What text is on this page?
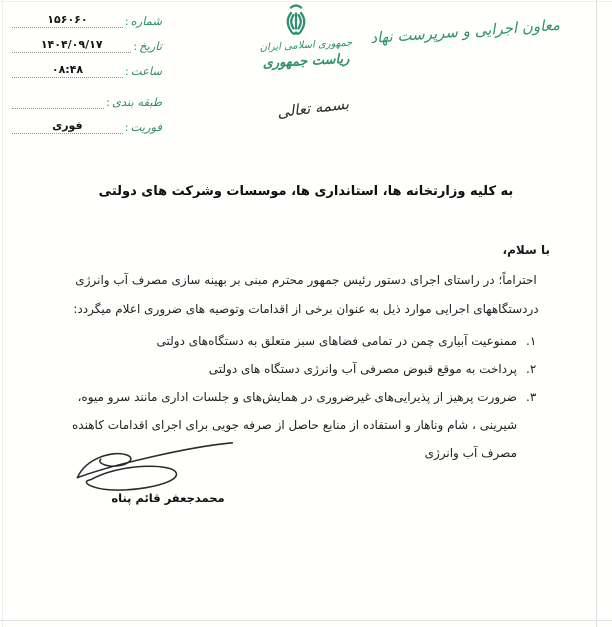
معاون اجرایی و سرپرست نهاد
جمهوری اسلامی ایران
ریاست جمهوری
بسمه تعالی
۱۵۶۰۶۰	: شماره
۱۴۰۴/۰۹/۱۷	: تاریخ
۰۸:۴۸	: ساعت
: طبقه بندی
فوری	: فوریت
به کلیه وزارتخانه ها، استانداری ها، موسسات وشرکت های دولتی
با سلام،
احتراماً؛ در راستای اجرای دستور رئیس جمهور محترم مبنی بر بهینه سازی مصرف آب وانرژی دردستگاههای اجرایی موارد ذیل به عنوان برخی از اقدامات وتوصیه های ضروری اعلام میگردد:
۱.
ممنوعیت آبیاری چمن در تمامی فضاهای سبز متعلق به دستگاه‌های دولتی
۲.
پرداخت به موقع قبوض مصرفی آب وانرژی دستگاه های دولتی
۳.
ضرورت پرهیز از پذیرایی‌های غیرضروری در همایش‌های و جلسات اداری مانند سرو میوه، شیرینی ، شام وناهار و استفاده از منابع حاصل از صرفه جویی برای اجرای اقدامات کاهنده مصرف آب وانرژی
محمدجعفر قائم پناه
